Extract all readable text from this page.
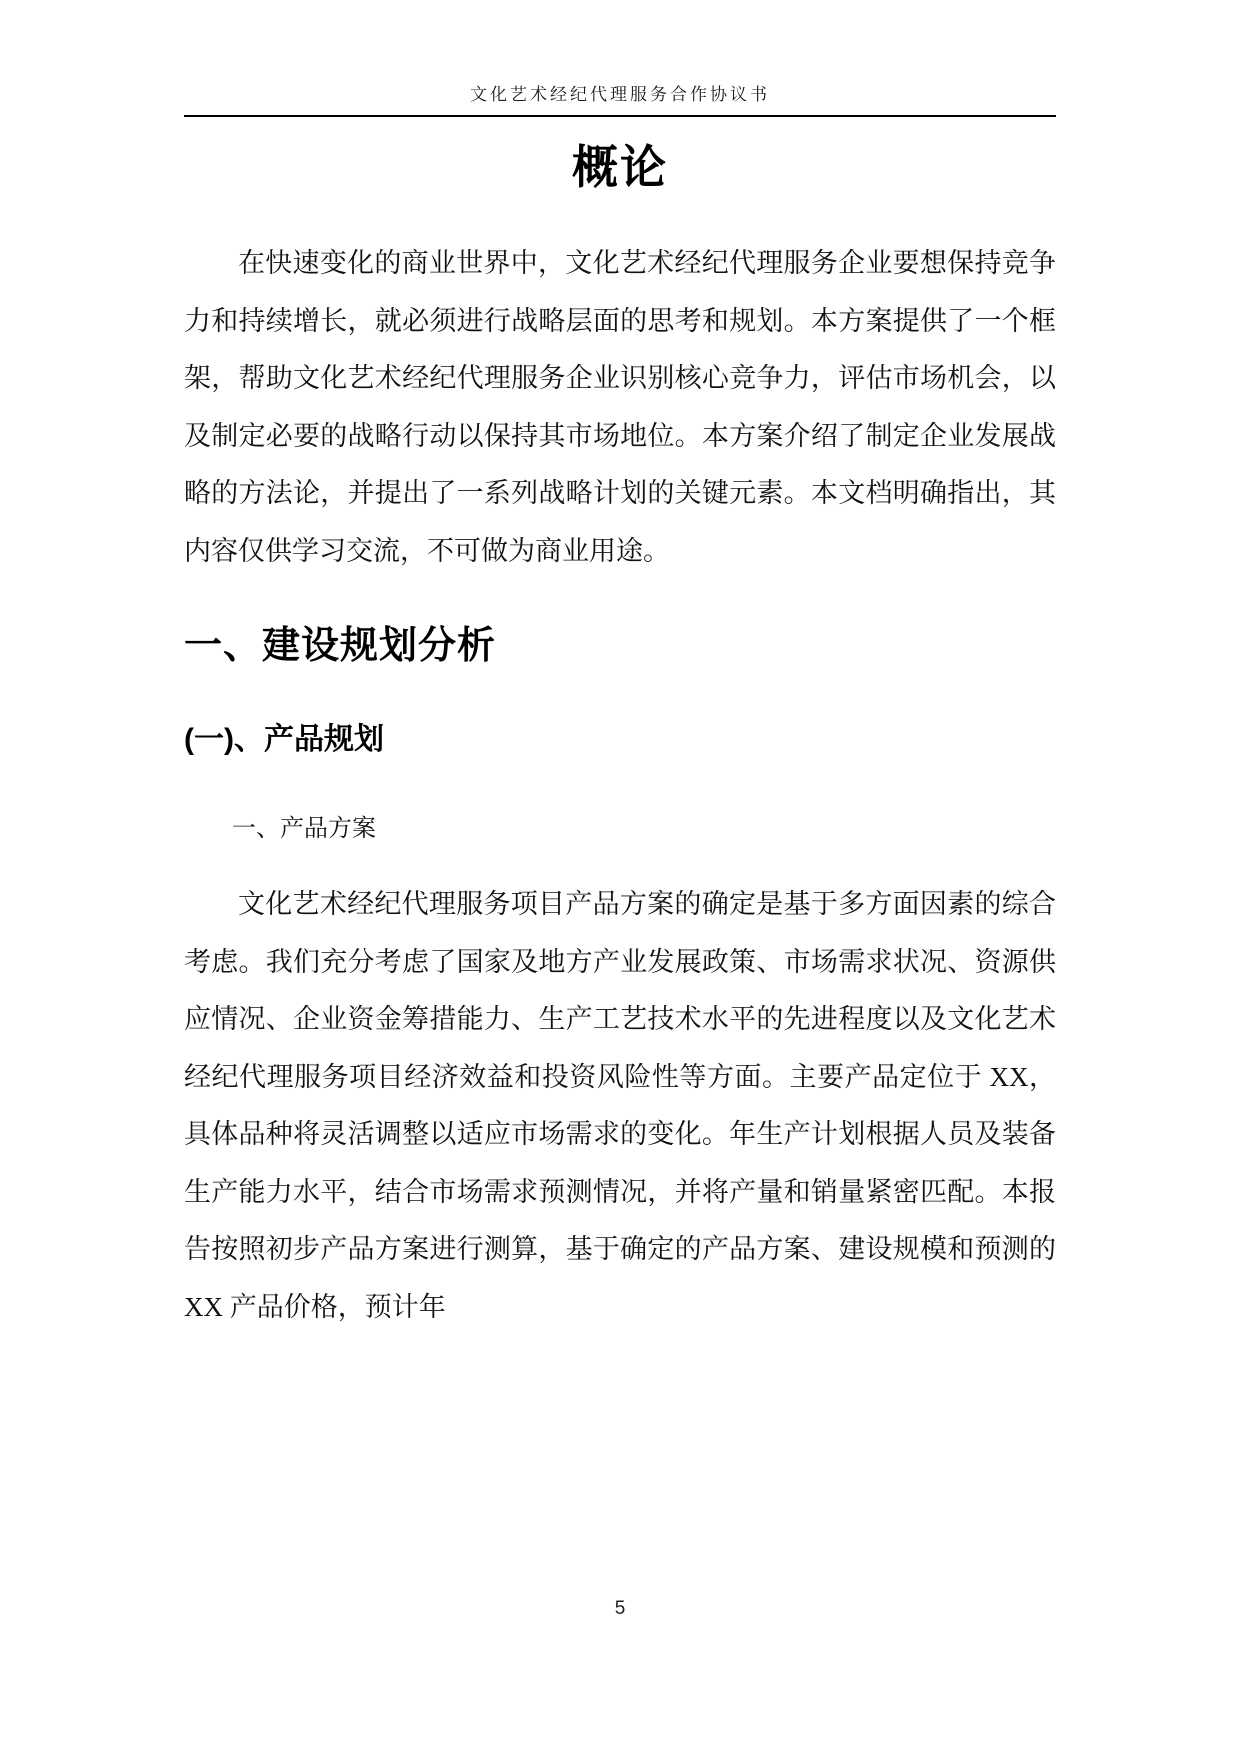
文化艺术经纪代理服务合作协议书
概论

在快速变化的商业世界中，文化艺术经纪代理服务企业要想保持竞争力和持续增长，就必须进行战略层面的思考和规划。本方案提供了一个框架，帮助文化艺术经纪代理服务企业识别核心竞争力，评估市场机会，以及制定必要的战略行动以保持其市场地位。本方案介绍了制定企业发展战略的方法论，并提出了一系列战略计划的关键元素。本文档明确指出，其内容仅供学习交流，不可做为商业用途。

一、建设规划分析
(一)、产品规划
一、产品方案

文化艺术经纪代理服务项目产品方案的确定是基于多方面因素的综合考虑。我们充分考虑了国家及地方产业发展政策、市场需求状况、资源供应情况、企业资金筹措能力、生产工艺技术水平的先进程度以及文化艺术经纪代理服务项目经济效益和投资风险性等方面。主要产品定位于 XX，具体品种将灵活调整以适应市场需求的变化。年生产计划根据人员及装备生产能力水平，结合市场需求预测情况，并将产量和销量紧密匹配。本报告按照初步产品方案进行测算，基于确定的产品方案、建设规模和预测的 XX 产品价格，预计年

5
